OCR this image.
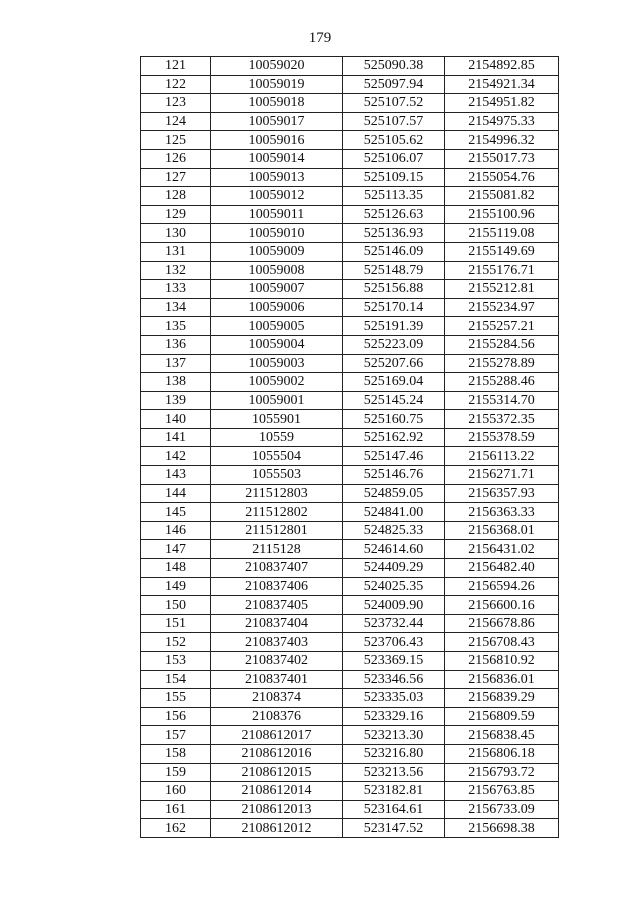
179
121	10059020	525090.38	2154892.85
122	10059019	525097.94	2154921.34
123	10059018	525107.52	2154951.82
124	10059017	525107.57	2154975.33
125	10059016	525105.62	2154996.32
126	10059014	525106.07	2155017.73
127	10059013	525109.15	2155054.76
128	10059012	525113.35	2155081.82
129	10059011	525126.63	2155100.96
130	10059010	525136.93	2155119.08
131	10059009	525146.09	2155149.69
132	10059008	525148.79	2155176.71
133	10059007	525156.88	2155212.81
134	10059006	525170.14	2155234.97
135	10059005	525191.39	2155257.21
136	10059004	525223.09	2155284.56
137	10059003	525207.66	2155278.89
138	10059002	525169.04	2155288.46
139	10059001	525145.24	2155314.70
140	1055901	525160.75	2155372.35
141	10559	525162.92	2155378.59
142	1055504	525147.46	2156113.22
143	1055503	525146.76	2156271.71
144	211512803	524859.05	2156357.93
145	211512802	524841.00	2156363.33
146	211512801	524825.33	2156368.01
147	2115128	524614.60	2156431.02
148	210837407	524409.29	2156482.40
149	210837406	524025.35	2156594.26
150	210837405	524009.90	2156600.16
151	210837404	523732.44	2156678.86
152	210837403	523706.43	2156708.43
153	210837402	523369.15	2156810.92
154	210837401	523346.56	2156836.01
155	2108374	523335.03	2156839.29
156	2108376	523329.16	2156809.59
157	2108612017	523213.30	2156838.45
158	2108612016	523216.80	2156806.18
159	2108612015	523213.56	2156793.72
160	2108612014	523182.81	2156763.85
161	2108612013	523164.61	2156733.09
162	2108612012	523147.52	2156698.38
